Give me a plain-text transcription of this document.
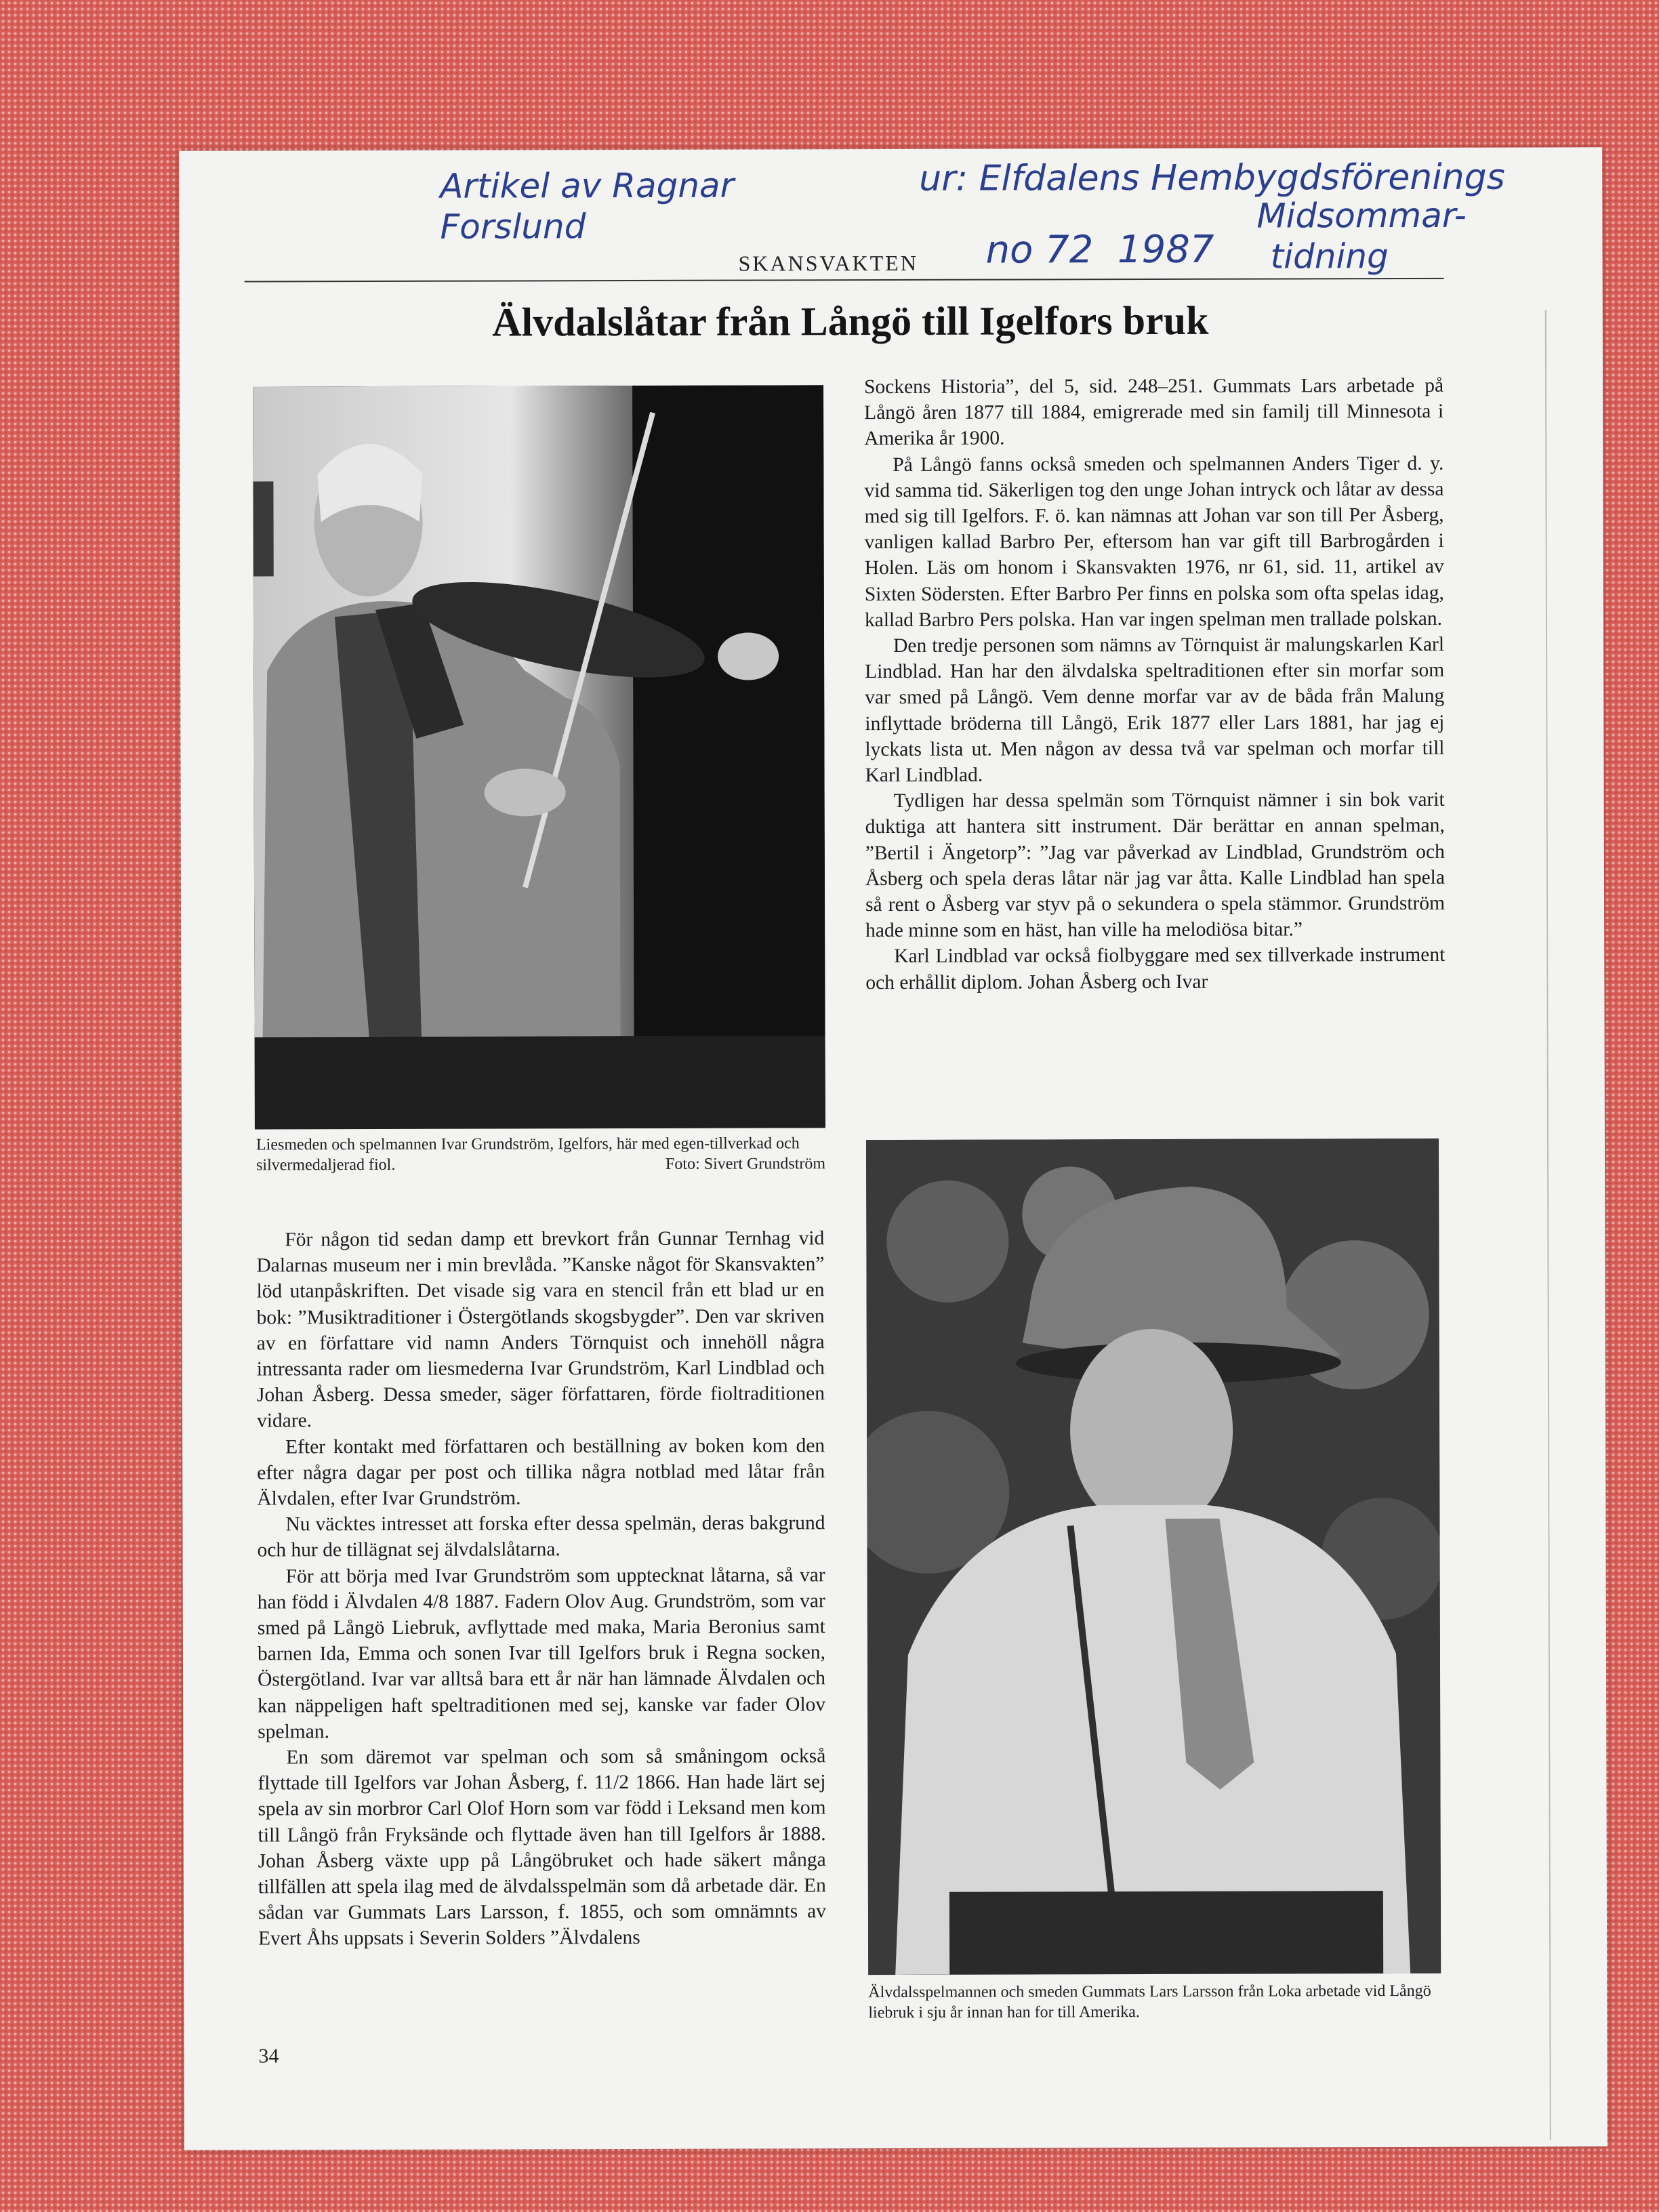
Artikel av Ragnar
Forslund
ur: Elfdalens Hembygdsförenings
Midsommar-
tidning
no 72  1987
SKANSVAKTEN
Älvdalslåtar från Långö till Igelfors bruk
Liesmeden och spelmannen Ivar Grundström, Igelfors, här med egen-tillverkad och silvermedaljerad fiol.	Foto: Sivert Grundström

Sockens Historia”, del 5, sid. 248–251. Gummats Lars arbetade på Långö åren 1877 till 1884, emigrerade med sin familj till Minnesota i Amerika år 1900.

På Långö fanns också smeden och spelmannen Anders Tiger d. y. vid samma tid. Säkerligen tog den unge Johan intryck och låtar av dessa med sig till Igelfors. F. ö. kan nämnas att Johan var son till Per Åsberg, vanligen kallad Barbro Per, eftersom han var gift till Barbrogården i Holen. Läs om honom i Skansvakten 1976, nr 61, sid. 11, artikel av Sixten Södersten. Efter Barbro Per finns en polska som ofta spelas idag, kallad Barbro Pers polska. Han var ingen spelman men trallade polskan.

Den tredje personen som nämns av Törnquist är malungskarlen Karl Lindblad. Han har den älvdalska speltraditionen efter sin morfar som var smed på Långö. Vem denne morfar var av de båda från Malung inflyttade bröderna till Långö, Erik 1877 eller Lars 1881, har jag ej lyckats lista ut. Men någon av dessa två var spelman och morfar till Karl Lindblad.

Tydligen har dessa spelmän som Törnquist nämner i sin bok varit duktiga att hantera sitt instrument. Där berättar en annan spelman, ”Bertil i Ängetorp”: ”Jag var påverkad av Lindblad, Grundström och Åsberg och spela deras låtar när jag var åtta. Kalle Lindblad han spela så rent o Åsberg var styv på o sekundera o spela stämmor. Grundström hade minne som en häst, han ville ha melodiösa bitar.”

Karl Lindblad var också fiolbyggare med sex tillverkade instrument och erhållit diplom. Johan Åsberg och Ivar

Älvdalsspelmannen och smeden Gummats Lars Larsson från Loka arbetade vid Långö liebruk i sju år innan han for till Amerika.

För någon tid sedan damp ett brevkort från Gunnar Ternhag vid Dalarnas museum ner i min brevlåda. ”Kanske något för Skansvakten” löd utanpåskriften. Det visade sig vara en stencil från ett blad ur en bok: ”Musiktraditioner i Östergötlands skogsbygder”. Den var skriven av en författare vid namn Anders Törnquist och innehöll några intressanta rader om liesmederna Ivar Grundström, Karl Lindblad och Johan Åsberg. Dessa smeder, säger författaren, förde fioltraditionen vidare.

Efter kontakt med författaren och beställning av boken kom den efter några dagar per post och tillika några notblad med låtar från Älvdalen, efter Ivar Grundström.

Nu väcktes intresset att forska efter dessa spelmän, deras bakgrund och hur de tillägnat sej älvdalslåtarna.

För att börja med Ivar Grundström som upptecknat låtarna, så var han född i Älvdalen 4/8 1887. Fadern Olov Aug. Grundström, som var smed på Långö Liebruk, avflyttade med maka, Maria Beronius samt barnen Ida, Emma och sonen Ivar till Igelfors bruk i Regna socken, Östergötland. Ivar var alltså bara ett år när han lämnade Älvdalen och kan näppeligen haft speltraditionen med sej, kanske var fader Olov spelman.

En som däremot var spelman och som så småningom också flyttade till Igelfors var Johan Åsberg, f. 11/2 1866. Han hade lärt sej spela av sin morbror Carl Olof Horn som var född i Leksand men kom till Långö från Fryksände och flyttade även han till Igelfors år 1888. Johan Åsberg växte upp på Långöbruket och hade säkert många tillfällen att spela ilag med de älvdalsspelmän som då arbetade där. En sådan var Gummats Lars Larsson, f. 1855, och som omnämnts av Evert Åhs uppsats i Severin Solders ”Älvdalens

34
